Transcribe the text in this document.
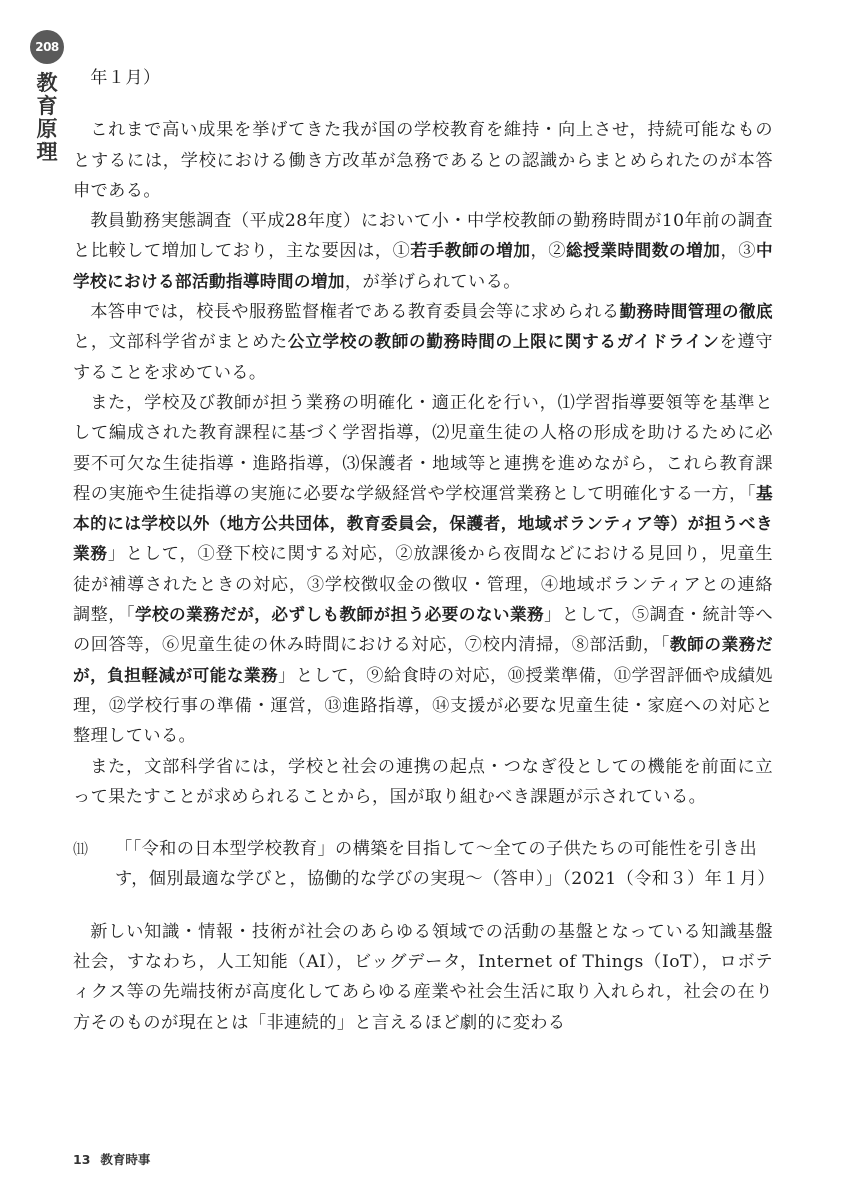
208
教
育
原
理

年１月）

これまで高い成果を挙げてきた我が国の学校教育を維持・向上させ，持続可能なものとするには，学校における働き方改革が急務であるとの認識からまとめられたのが本答申である。

教員勤務実態調査（平成28年度）において小・中学校教師の勤務時間が10年前の調査と比較して増加しており，主な要因は，①若手教師の増加，②総授業時間数の増加，③中学校における部活動指導時間の増加，が挙げられている。

本答申では，校長や服務監督権者である教育委員会等に求められる勤務時間管理の徹底と，文部科学省がまとめた公立学校の教師の勤務時間の上限に関するガイドラインを遵守することを求めている。

また，学校及び教師が担う業務の明確化・適正化を行い，⑴学習指導要領等を基準として編成された教育課程に基づく学習指導，⑵児童生徒の人格の形成を助けるために必要不可欠な生徒指導・進路指導，⑶保護者・地域等と連携を進めながら，これら教育課程の実施や生徒指導の実施に必要な学級経営や学校運営業務として明確化する一方，「基本的には学校以外（地方公共団体，教育委員会，保護者，地域ボランティア等）が担うべき業務」として，①登下校に関する対応，②放課後から夜間などにおける見回り，児童生徒が補導されたときの対応，③学校徴収金の徴収・管理，④地域ボランティアとの連絡調整，「学校の業務だが，必ずしも教師が担う必要のない業務」として，⑤調査・統計等への回答等，⑥児童生徒の休み時間における対応，⑦校内清掃，⑧部活動，「教師の業務だが，負担軽減が可能な業務」として，⑨給食時の対応，⑩授業準備，⑪学習評価や成績処理，⑫学校行事の準備・運営，⑬進路指導，⑭支援が必要な児童生徒・家庭への対応と整理している。

また，文部科学省には，学校と社会の連携の起点・つなぎ役としての機能を前面に立って果たすことが求められることから，国が取り組むべき課題が示されている。

⑾	「「令和の日本型学校教育」の構築を目指して～全ての子供たちの可能性を引き出す，個別最適な学びと，協働的な学びの実現～（答申）」（2021（令和３）年１月）

新しい知識・情報・技術が社会のあらゆる領域での活動の基盤となっている知識基盤社会，すなわち，人工知能（AI），ビッグデータ，Internet of Things（IoT），ロボティクス等の先端技術が高度化してあらゆる産業や社会生活に取り入れられ，社会の在り方そのものが現在とは「非連続的」と言えるほど劇的に変わる

13 教育時事
